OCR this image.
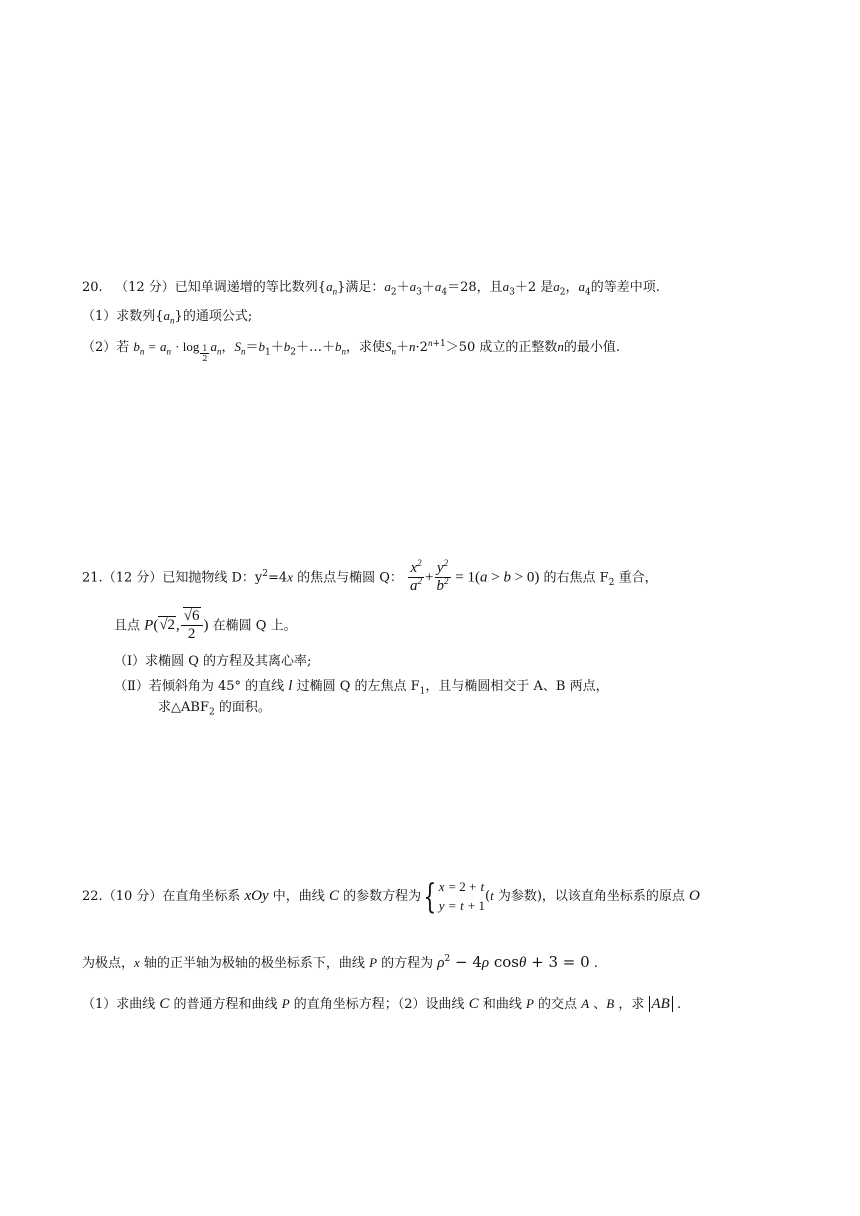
20. （12 分）已知单调递增的等比数列$\{a_n\}$满足：$a_2+a_3+a_4=28$，且$a_3+2$ 是$a_2$，$a_4$的等差中项.
（1）求数列$\{a_n\}$的通项公式;
（2）若 $b_n = a_n \cdot \log \frac{1}{2} a_n$，$S_n=b_1+b_2+\dots+b_n$，求使$S_n+n\cdot 2^{n+1}>50$ 成立的正整数n的最小值.
21.（12 分）已知抛物线 D：$y^2=4x$ 的焦点与椭圆 Q： $\frac{x^2}{a^2} + \frac{y^2}{b^2} = 1(a > b > 0)$ 的右焦点 $F_2$ 重合，
且点 P(√2, $\frac{√6}{2}$ ) 在椭圆 Q 上。
（Ⅰ）求椭圆 Q 的方程及其离心率;
（Ⅱ）若倾斜角为 45° 的直线 l 过椭圆 Q 的左焦点 $F_1$，且与椭圆相交于 A、B 两点，
求$\triangle ABF_2$ 的面积。
22.（10 分）在直角坐标系 xOy 中，曲线 C 的参数方程为{ x = 2 + t
y = t + 1(t 为参数)，以该直角坐标系的原点 O
为极点，x 轴的正半轴为极轴的极坐标系下，曲线 P 的方程为 $\rho^2 - 4\rho$ cosθ + 3 = 0 .
（1）求曲线 C 的普通方程和曲线 P 的直角坐标方程；（2）设曲线 C 和曲线 P 的交点 A 、B ，求 AB .
